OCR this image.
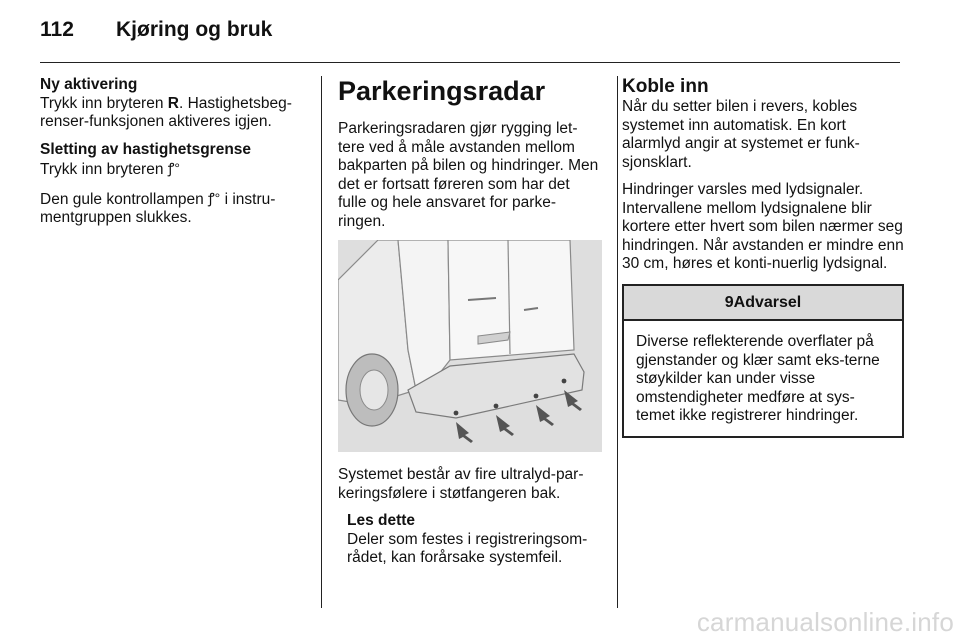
112 Kjøring og bruk
Ny aktivering

Trykk inn bryteren R. Hastighetsbeg-renser-funksjonen aktiveres igjen.

Sletting av hastighetsgrense

Trykk inn bryteren ꝭ°

Den gule kontrollampen ꝭ° i instru-mentgruppen slukkes.

Parkeringsradar

Parkeringsradaren gjør rygging let-tere ved å måle avstanden mellom bakparten på bilen og hindringer. Men det er fortsatt føreren som har det fulle og hele ansvaret for parke-ringen.

Systemet består av fire ultralyd-par-keringsfølere i støtfangeren bak.

Les dette
Deler som festes i registreringsom-rådet, kan forårsake systemfeil.
Koble inn

Når du setter bilen i revers, kobles systemet inn automatisk. En kort alarmlyd angir at systemet er funk-sjonsklart.

Hindringer varsles med lydsignaler. Intervallene mellom lydsignalene blir kortere etter hvert som bilen nærmer seg hindringen. Når avstanden er mindre enn 30 cm, høres et konti-nuerlig lydsignal.

9Advarsel
Diverse reflekterende overflater på gjenstander og klær samt eks-terne støykilder kan under visse omstendigheter medføre at sys-temet ikke registrerer hindringer.
carmanualsonline.info
